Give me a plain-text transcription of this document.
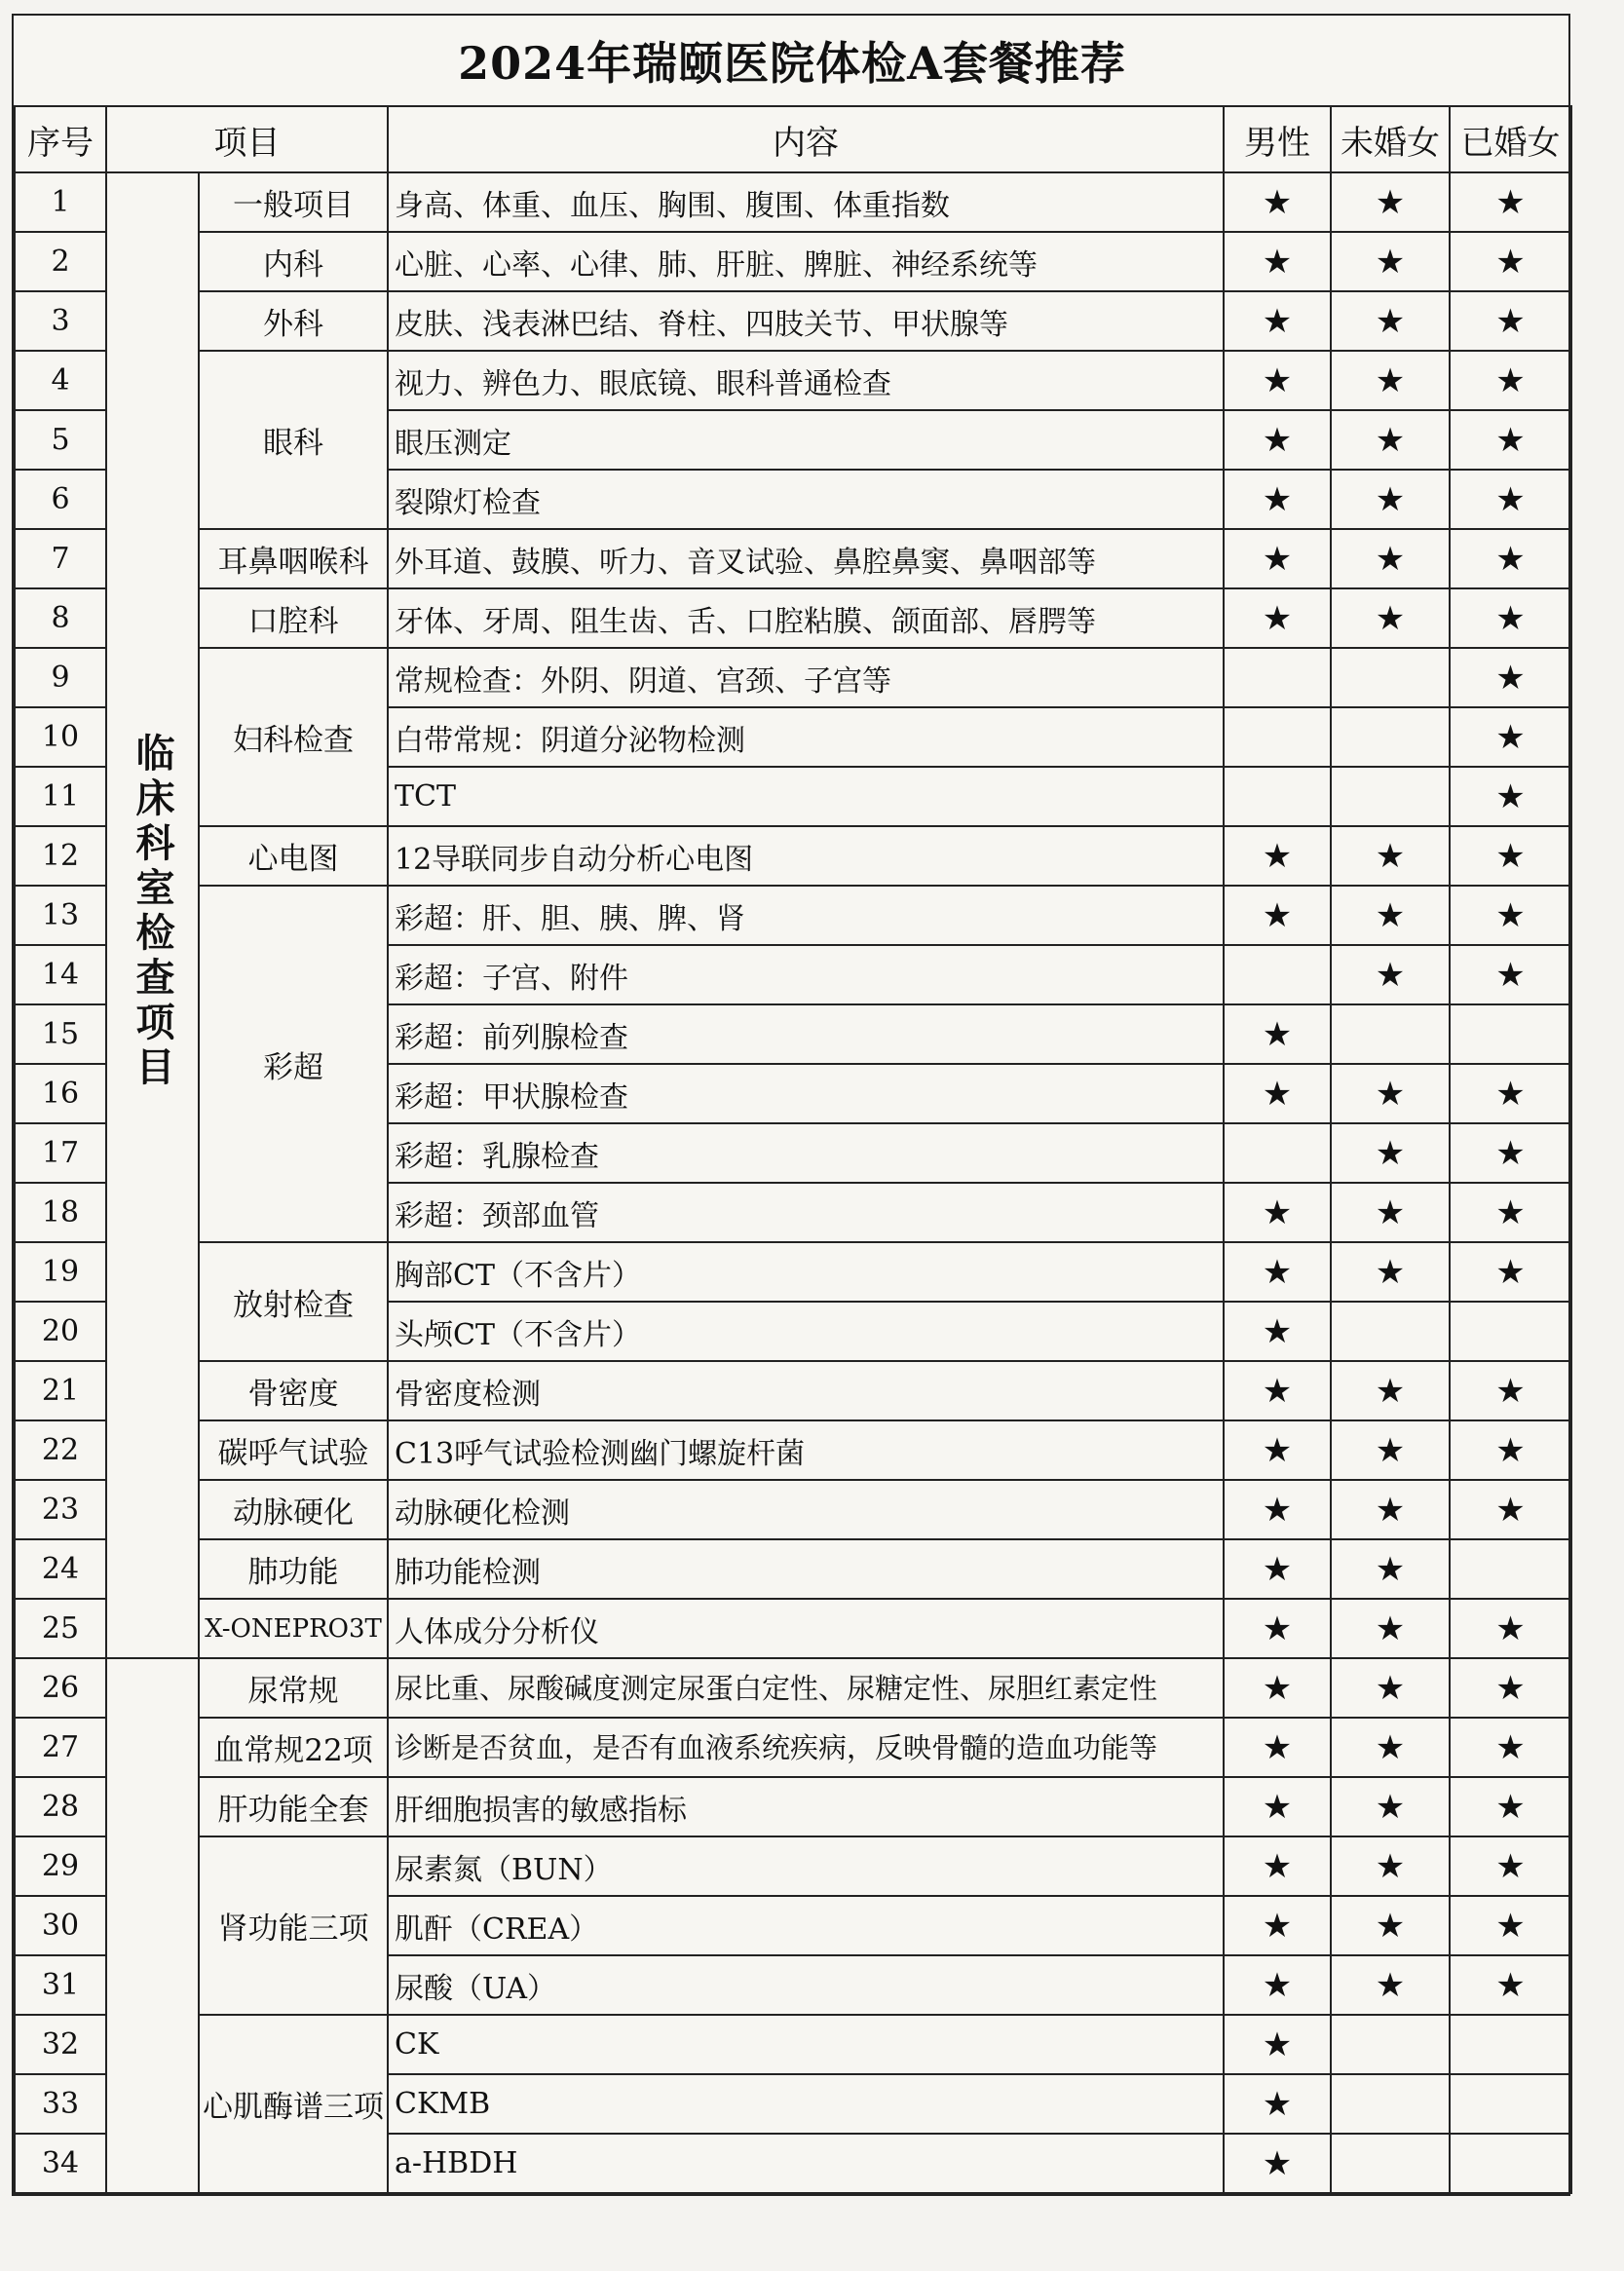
2024年瑞颐医院体检A套餐推荐
序号	项目		内容	男性	未婚女	已婚女
1	临床科室检查项目	一般项目	身高、体重、血压、胸围、腹围、体重指数	★	★	★
2		内科	心脏、心率、心律、肺、肝脏、脾脏、神经系统等	★	★	★
3		外科	皮肤、浅表淋巴结、脊柱、四肢关节、甲状腺等	★	★	★
4		眼科	视力、辨色力、眼底镜、眼科普通检查	★	★	★
5			眼压测定	★	★	★
6			裂隙灯检查	★	★	★
7		耳鼻咽喉科	外耳道、鼓膜、听力、音叉试验、鼻腔鼻窦、鼻咽部等	★	★	★
8		口腔科	牙体、牙周、阻生齿、舌、口腔粘膜、颌面部、唇腭等	★	★	★
9		妇科检查	常规检查：外阴、阴道、宫颈、子宫等			★
10			白带常规：阴道分泌物检测			★
11			TCT			★
12		心电图	12导联同步自动分析心电图	★	★	★
13		彩超	彩超：肝、胆、胰、脾、肾	★	★	★
14			彩超：子宫、附件		★	★
15			彩超：前列腺检查	★		
16			彩超：甲状腺检查	★	★	★
17			彩超：乳腺检查		★	★
18			彩超：颈部血管	★	★	★
19		放射检查	胸部CT（不含片）	★	★	★
20			头颅CT（不含片）	★		
21		骨密度	骨密度检测	★	★	★
22		碳呼气试验	C13呼气试验检测幽门螺旋杆菌	★	★	★
23		动脉硬化	动脉硬化检测	★	★	★
24		肺功能	肺功能检测	★	★	
25		X-ONEPRO3T	人体成分分析仪	★	★	★
26		尿常规	尿比重、尿酸碱度测定尿蛋白定性、尿糖定性、尿胆红素定性	★	★	★
27		血常规22项	诊断是否贫血，是否有血液系统疾病，反映骨髓的造血功能等	★	★	★
28		肝功能全套	肝细胞损害的敏感指标	★	★	★
29		肾功能三项	尿素氮（BUN）	★	★	★
30			肌酐（CREA）	★	★	★
31			尿酸（UA）	★	★	★
32		心肌酶谱三项	CK	★		
33			CKMB	★		
34			a-HBDH	★		
